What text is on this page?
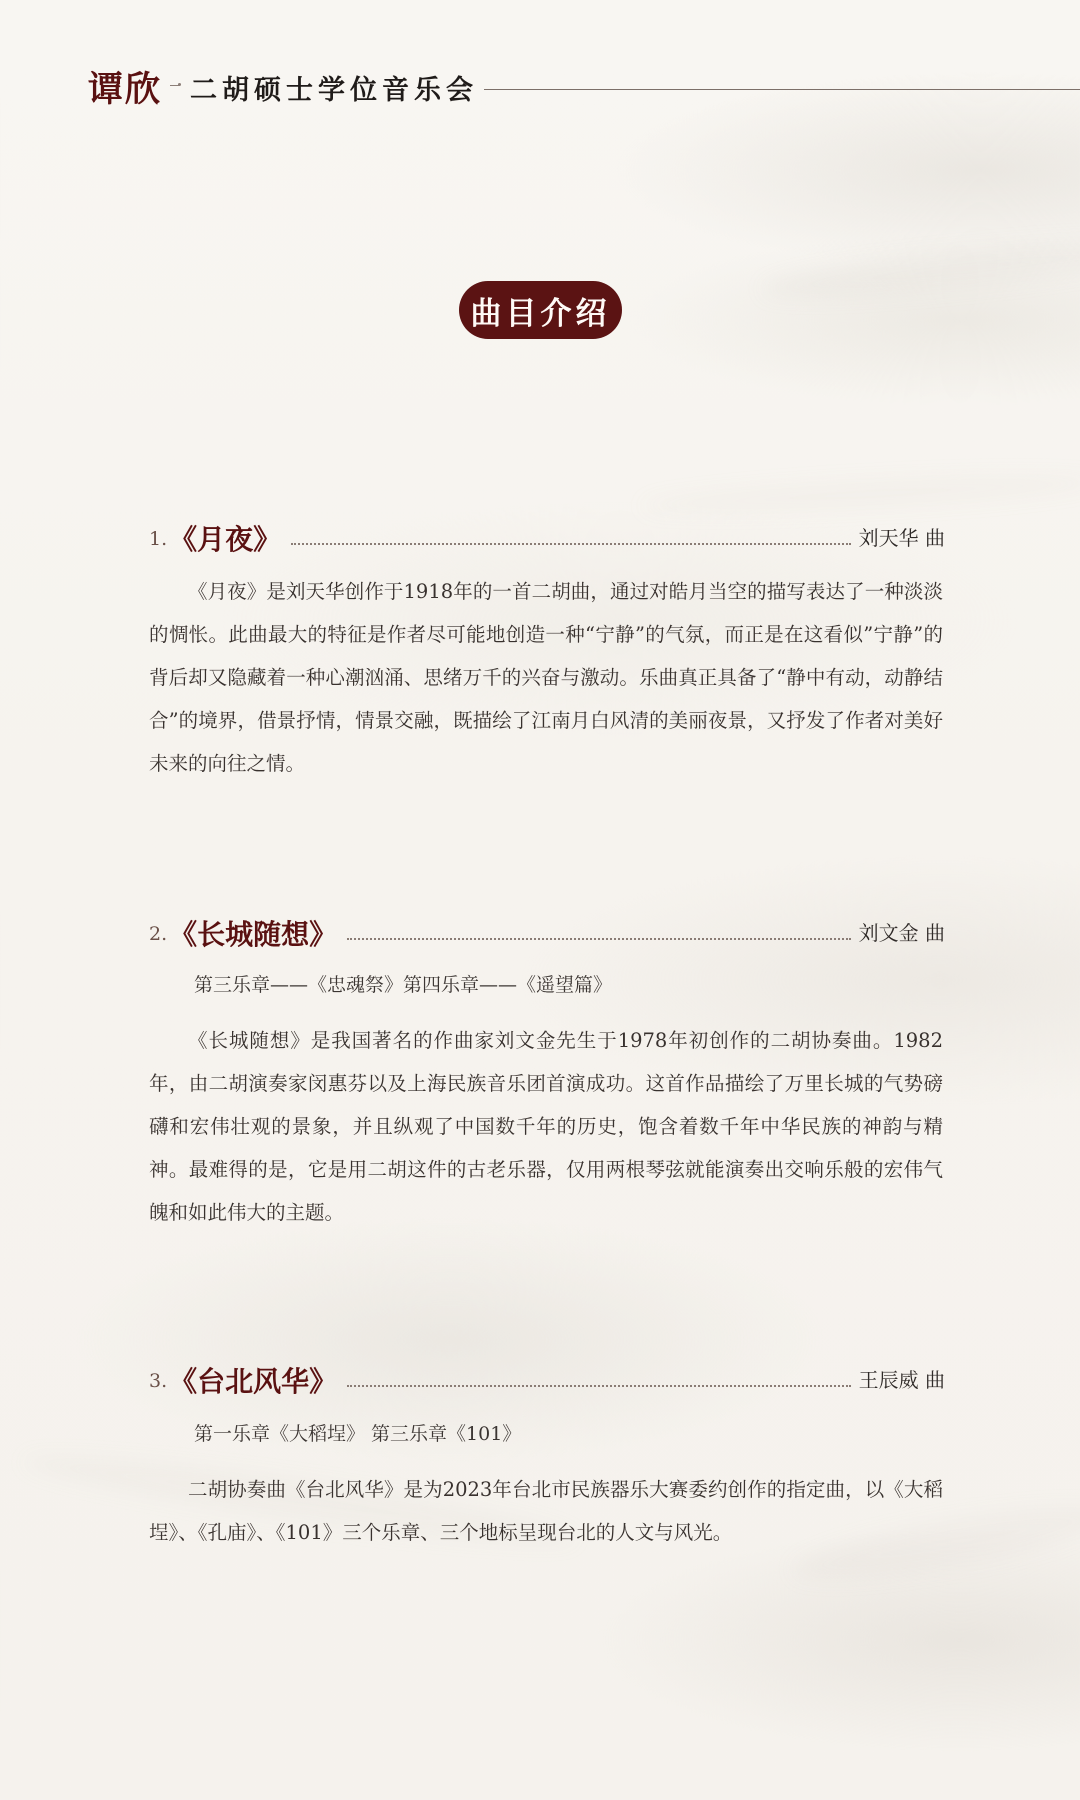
谭欣 二胡硕士学位音乐会
曲目介绍
1. 《月夜》	刘天华 曲

《月夜》是刘天华创作于1918年的一首二胡曲，通过对皓月当空的描写表达了一种淡淡的惆怅。此曲最大的特征是作者尽可能地创造一种“宁静”的气氛，而正是在这看似”宁静”的背后却又隐藏着一种心潮汹涌、思绪万千的兴奋与激动。乐曲真正具备了“静中有动，动静结合”的境界，借景抒情，情景交融，既描绘了江南月白风清的美丽夜景，又抒发了作者对美好未来的向往之情。

2. 《长城随想》	刘文金 曲
第三乐章——《忠魂祭》第四乐章——《遥望篇》

《长城随想》是我国著名的作曲家刘文金先生于1978年初创作的二胡协奏曲。1982年，由二胡演奏家闵惠芬以及上海民族音乐团首演成功。这首作品描绘了万里长城的气势磅礴和宏伟壮观的景象，并且纵观了中国数千年的历史，饱含着数千年中华民族的神韵与精神。最难得的是，它是用二胡这件的古老乐器，仅用两根琴弦就能演奏出交响乐般的宏伟气魄和如此伟大的主题。

3. 《台北风华》	王辰威 曲
第一乐章《大稻埕》 第三乐章《101》

二胡协奏曲《台北风华》是为2023年台北市民族器乐大赛委约创作的指定曲，以《大稻埕》、《孔庙》、《101》三个乐章、三个地标呈现台北的人文与风光。
